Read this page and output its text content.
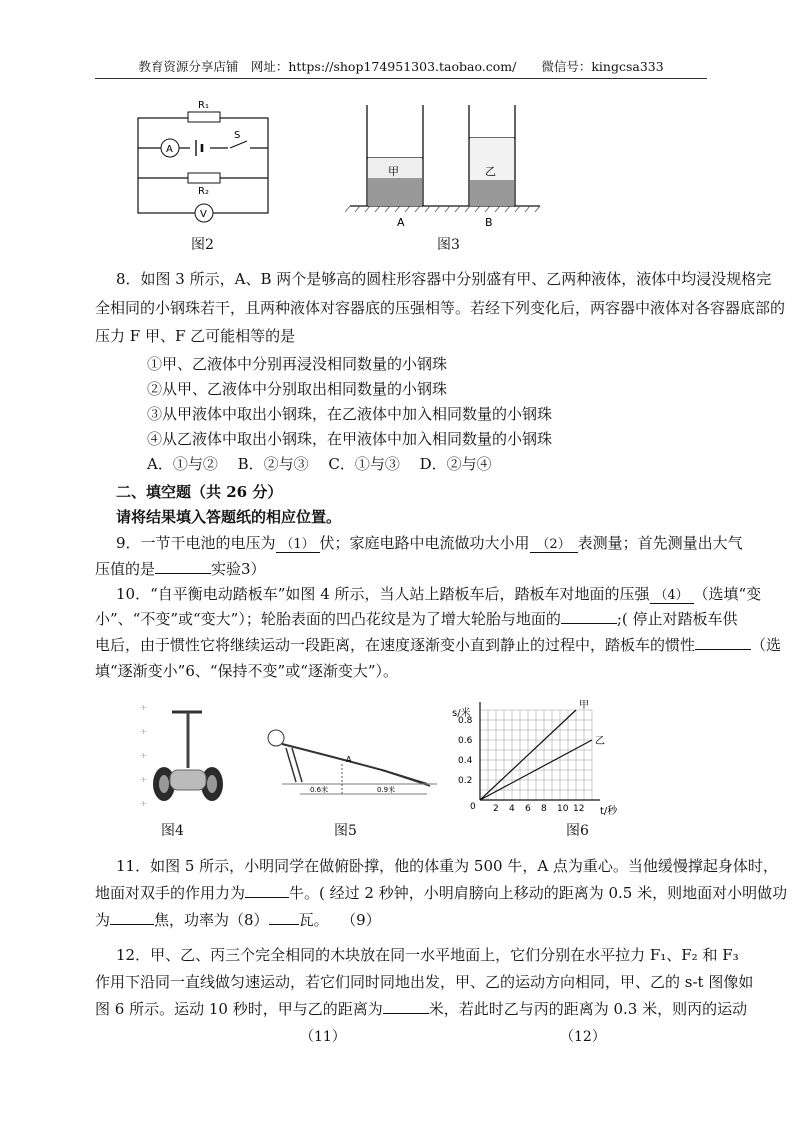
教育资源分享店铺　网址：https://shop174951303.taobao.com/　　微信号：kingcsa333
R₁
A
S
R₂
V
图2
甲	乙
A	B
图3
8．如图 3 所示，A、B 两个是够高的圆柱形容器中分别盛有甲、乙两种液体，液体中均浸没规格完
全相同的小钢珠若干，且两种液体对容器底的压强相等。若经下列变化后，两容器中液体对各容器底部的
压力 F 甲、F 乙可能相等的是
①甲、乙液体中分别再浸没相同数量的小钢珠
②从甲、乙液体中分别取出相同数量的小钢珠
③从甲液体中取出小钢珠，在乙液体中加入相同数量的小钢珠
④从乙液体中取出小钢珠，在甲液体中加入相同数量的小钢珠
A．①与②　 B．②与③　 C．①与③　 D．②与④
二、填空题（共 26 分）
请将结果填入答题纸的相应位置。
9．一节干电池的电压为 （1） 伏；家庭电路中电流做功大小用 （2） 表测量；首先测量出大气
压值的是	实验3）
10．“自平衡电动踏板车”如图 4 所示，当人站上踏板车后，踏板车对地面的压强 （4） （选填“变
小”、“不变”或“变大”）；轮胎表面的凹凸花纹是为了增大轮胎与地面的	;( 停止对踏板车供
电后，由于惯性它将继续运动一段距离，在速度逐渐变小直到静止的过程中，踏板车的惯性	（选
填“逐渐变小”6、“保持不变”或“逐渐变大”）。
+
+
+
+
+
图4
A
0.6米	0.9米
图5
甲
乙
2 4 6 8 10 12
0.2
0.4
0.6
0.8
0
s/米
t/秒
图6
11．如图 5 所示，小明同学在做俯卧撑，他的体重为 500 牛，A 点为重心。当他缓慢撑起身体时，
地面对双手的作用力为	牛。( 经过 2 秒钟，小明肩膀向上移动的距离为 0.5 米，则地面对小明做功
为	焦，功率为（8） 瓦。 （9）
12．甲、乙、丙三个完全相同的木块放在同一水平地面上，它们分别在水平拉力 F₁、F₂ 和 F₃
作用下沿同一直线做匀速运动，若它们同时同地出发，甲、乙的运动方向相同，甲、乙的 s-t 图像如
图 6 所示。运动 10 秒时，甲与乙的距离为	米，若此时乙与丙的距离为 0.3 米，则丙的运动
（11）	（12）
